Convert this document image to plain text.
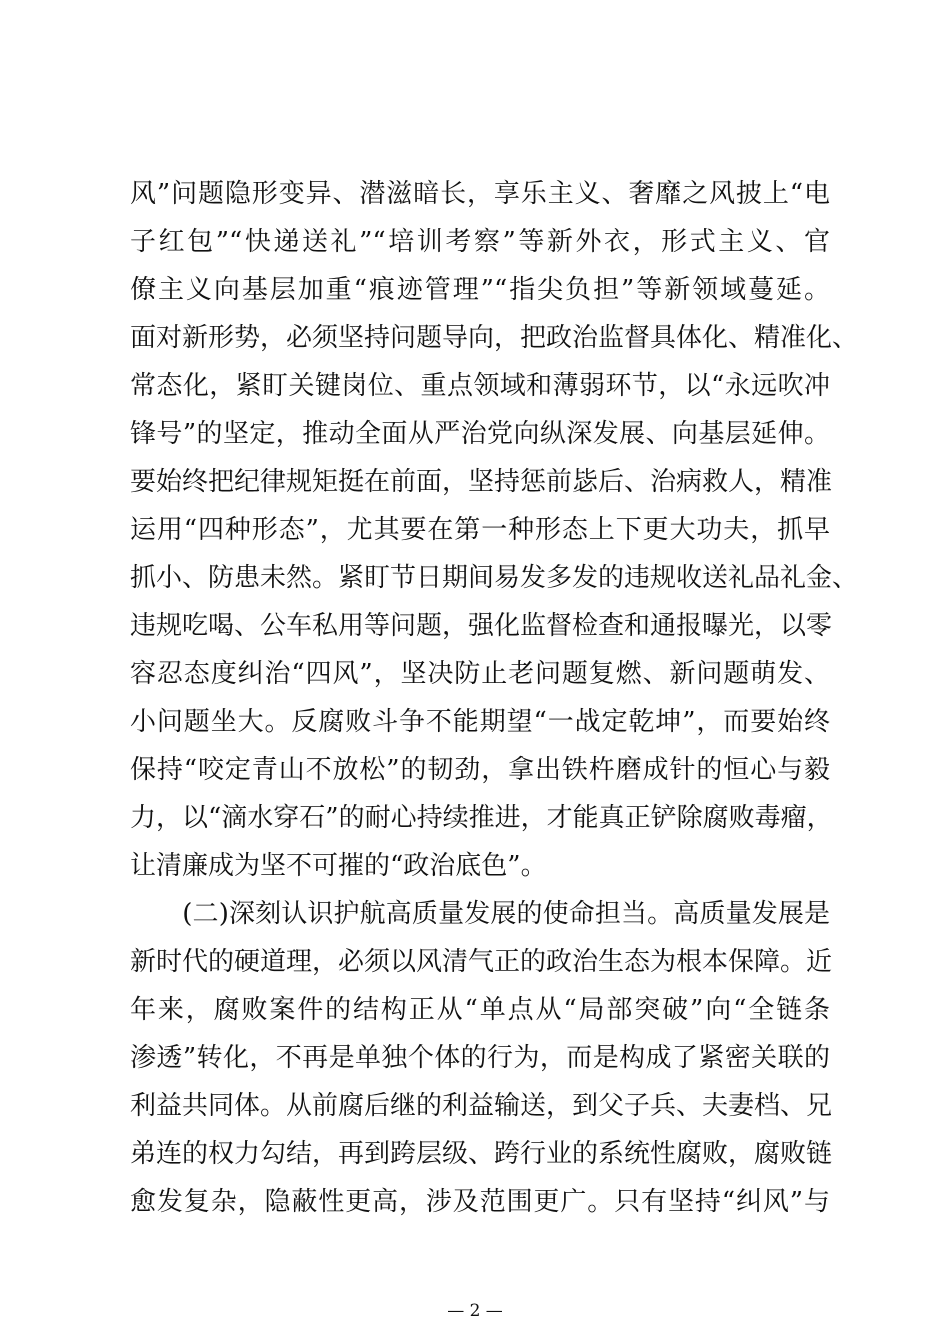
风”问题隐形变异、潜滋暗长，享乐主义、奢靡之风披上“电
子红包”“快递送礼”“培训考察”等新外衣，形式主义、官
僚主义向基层加重“痕迹管理”“指尖负担”等新领域蔓延。
面对新形势，必须坚持问题导向，把政治监督具体化、精准化、
常态化，紧盯关键岗位、重点领域和薄弱环节，以“永远吹冲
锋号”的坚定，推动全面从严治党向纵深发展、向基层延伸。
要始终把纪律规矩挺在前面，坚持惩前毖后、治病救人，精准
运用“四种形态”，尤其要在第一种形态上下更大功夫，抓早
抓小、防患未然。紧盯节日期间易发多发的违规收送礼品礼金、
违规吃喝、公车私用等问题，强化监督检查和通报曝光，以零
容忍态度纠治“四风”，坚决防止老问题复燃、新问题萌发、
小问题坐大。反腐败斗争不能期望“一战定乾坤”，而要始终
保持“咬定青山不放松”的韧劲，拿出铁杵磨成针的恒心与毅
力，以“滴水穿石”的耐心持续推进，才能真正铲除腐败毒瘤，
让清廉成为坚不可摧的“政治底色”。
　　(二)深刻认识护航高质量发展的使命担当。高质量发展是
新时代的硬道理，必须以风清气正的政治生态为根本保障。近
年来，腐败案件的结构正从“单点从“局部突破”向“全链条
渗透”转化，不再是单独个体的行为，而是构成了紧密关联的
利益共同体。从前腐后继的利益输送，到父子兵、夫妻档、兄
弟连的权力勾结，再到跨层级、跨行业的系统性腐败，腐败链
愈发复杂，隐蔽性更高，涉及范围更广。只有坚持“纠风”与
— 2 —
